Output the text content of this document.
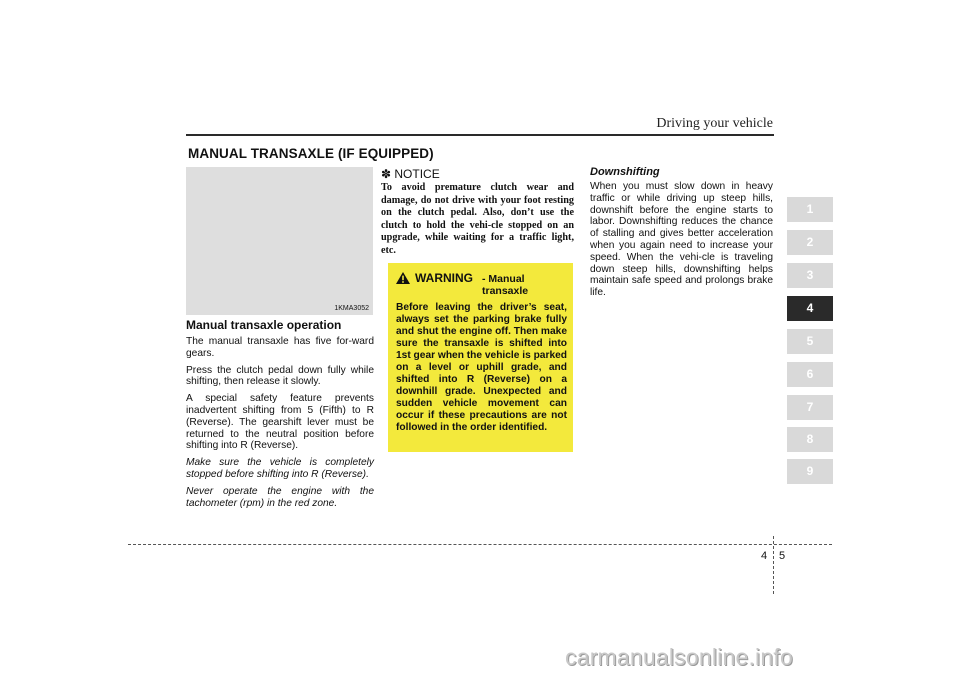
Driving your vehicle
MANUAL TRANSAXLE (IF EQUIPPED)
1KMA3052
Manual transaxle operation

The manual transaxle has five for-ward gears.

Press the clutch pedal down fully while shifting, then release it slowly.

A special safety feature prevents inadvertent shifting from 5 (Fifth) to R (Reverse). The gearshift lever must be returned to the neutral position before shifting into R (Reverse).

Make sure the vehicle is completely stopped before shifting into R (Reverse).

Never operate the engine with the tachometer (rpm) in the red zone.

✽ NOTICE
To avoid premature clutch wear and damage, do not drive with your foot resting on the clutch pedal. Also, don’t use the clutch to hold the vehi-cle stopped on an upgrade, while waiting for a traffic light, etc.
WARNING - Manual transaxle
Before leaving the driver’s seat, always set the parking brake fully and shut the engine off. Then make sure the transaxle is shifted into 1st gear when the vehicle is parked on a level or uphill grade, and shifted into R (Reverse) on a downhill grade. Unexpected and sudden vehicle movement can occur if these precautions are not followed in the order identified.
Downshifting
When you must slow down in heavy traffic or while driving up steep hills, downshift before the engine starts to labor. Downshifting reduces the chance of stalling and gives better acceleration when you again need to increase your speed. When the vehi-cle is traveling down steep hills, downshifting helps maintain safe speed and prolongs brake life.
1
2
3
4
5
6
7
8
9
4 5
carmanualsonline.info
